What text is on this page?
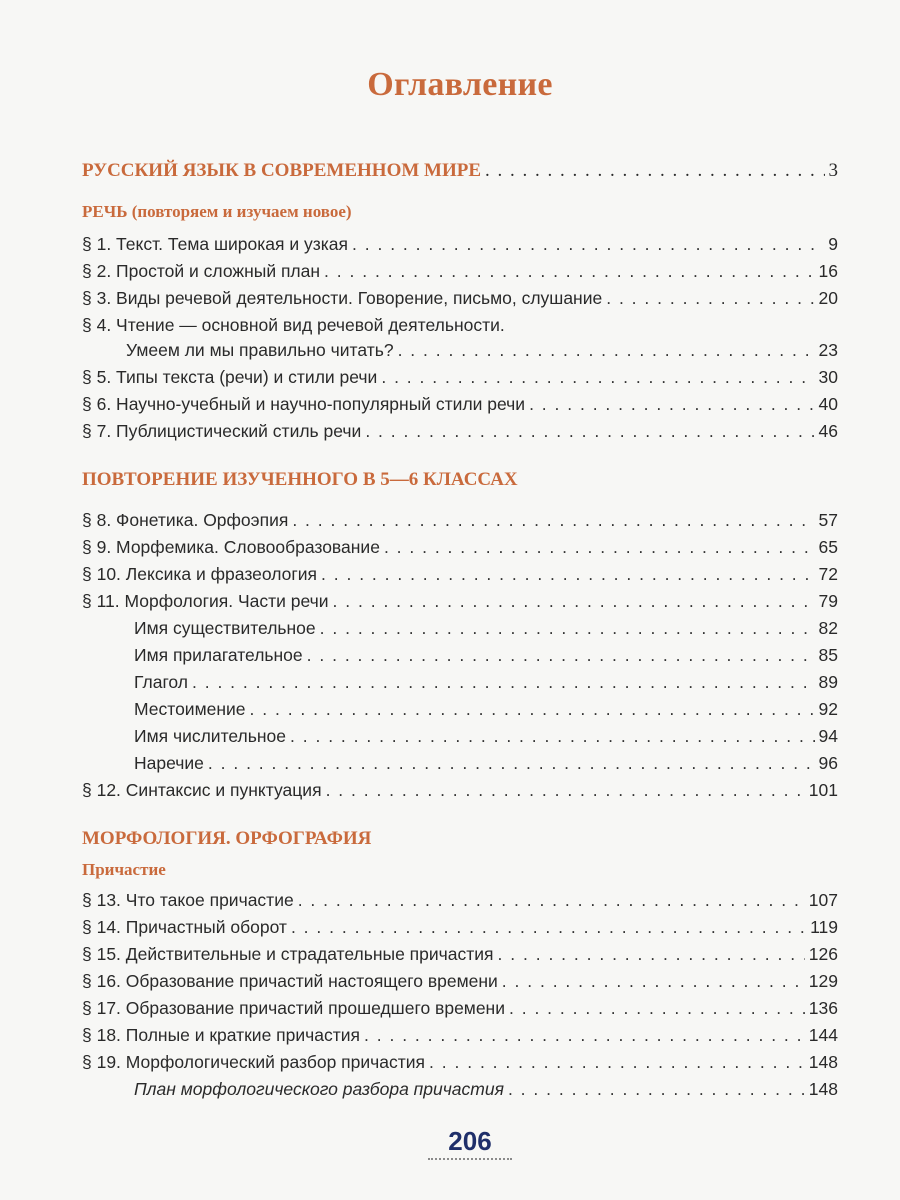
Оглавление
РУССКИЙ ЯЗЫК В СОВРЕМЕННОМ МИРЕ . . .	3
РЕЧЬ (повторяем и изучаем новое)
§ 1. Текст. Тема широкая и узкая . . .	9
§ 2. Простой и сложный план . . .	16
§ 3. Виды речевой деятельности. Говорение, письмо, слушание . . .	20
§ 4. Чтение — основной вид речевой деятельности.
Умеем ли мы правильно читать? . . .	23
§ 5. Типы текста (речи) и стили речи . . .	30
§ 6. Научно-учебный и научно-популярный стили речи . . .	40
§ 7. Публицистический стиль речи . . .	46
ПОВТОРЕНИЕ ИЗУЧЕННОГО В 5—6 КЛАССАХ
§ 8. Фонетика. Орфоэпия . . .	57
§ 9. Морфемика. Словообразование . . .	65
§ 10. Лексика и фразеология . . .	72
§ 11. Морфология. Части речи . . .	79
Имя существительное . . .	82
Имя прилагательное . . .	85
Глагол . . .	89
Местоимение . . .	92
Имя числительное . . .	94
Наречие . . .	96
§ 12. Синтаксис и пунктуация . . .	101
МОРФОЛОГИЯ. ОРФОГРАФИЯ
Причастие
§ 13. Что такое причастие . . .	107
§ 14. Причастный оборот . . .	119
§ 15. Действительные и страдательные причастия . . .	126
§ 16. Образование причастий настоящего времени . . .	129
§ 17. Образование причастий прошедшего времени . . .	136
§ 18. Полные и краткие причастия . . .	144
§ 19. Морфологический разбор причастия . . .	148
План морфологического разбора причастия . . .	148
206
